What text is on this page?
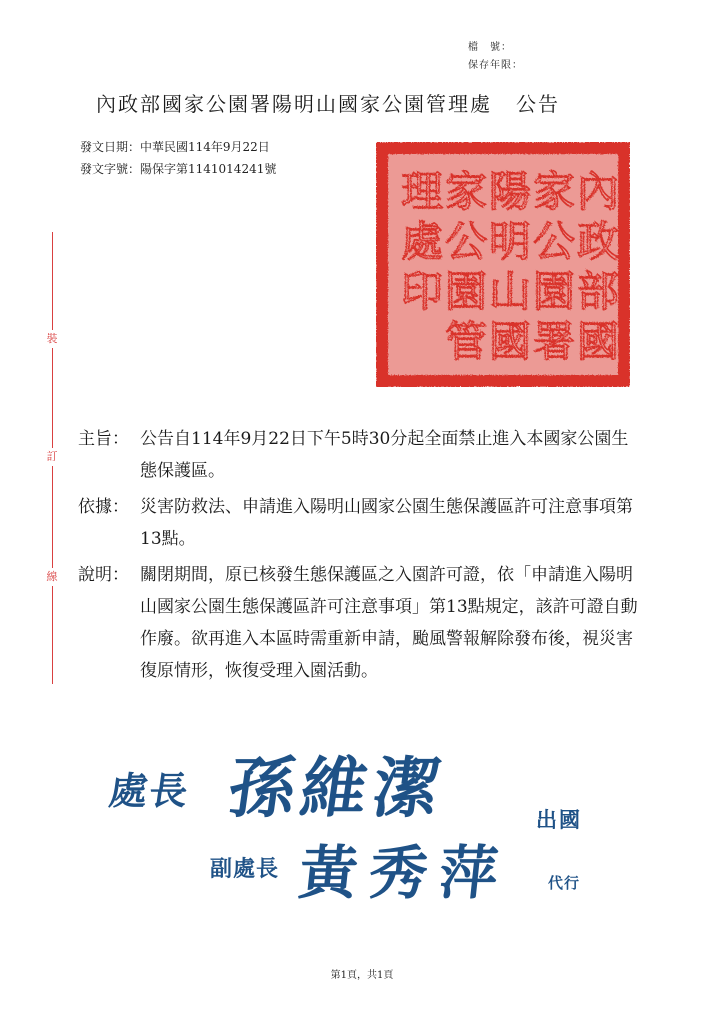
檔　號：
保存年限：
內政部國家公園署陽明山國家公園管理處 公告
發文日期：中華民國114年9月22日
發文字號：陽保字第1141014241號
裝
訂
線
內
政
部
國
家
公
園
署
陽
明
山
國
家
公
園
管
理
處
印
主旨： 公告自114年9月22日下午5時30分起全面禁止進入本國家公園生態保護區。
依據： 災害防救法、申請進入陽明山國家公園生態保護區許可注意事項第13點。
說明： 關閉期間，原已核發生態保護區之入園許可證，依「申請進入陽明山國家公園生態保護區許可注意事項」第13點規定，該許可證自動作廢。欲再進入本區時需重新申請，颱風警報解除發布後，視災害復原情形，恢復受理入園活動。
處長 孫維潔	出國
副處長 黃秀萍 代行
第1頁，共1頁
